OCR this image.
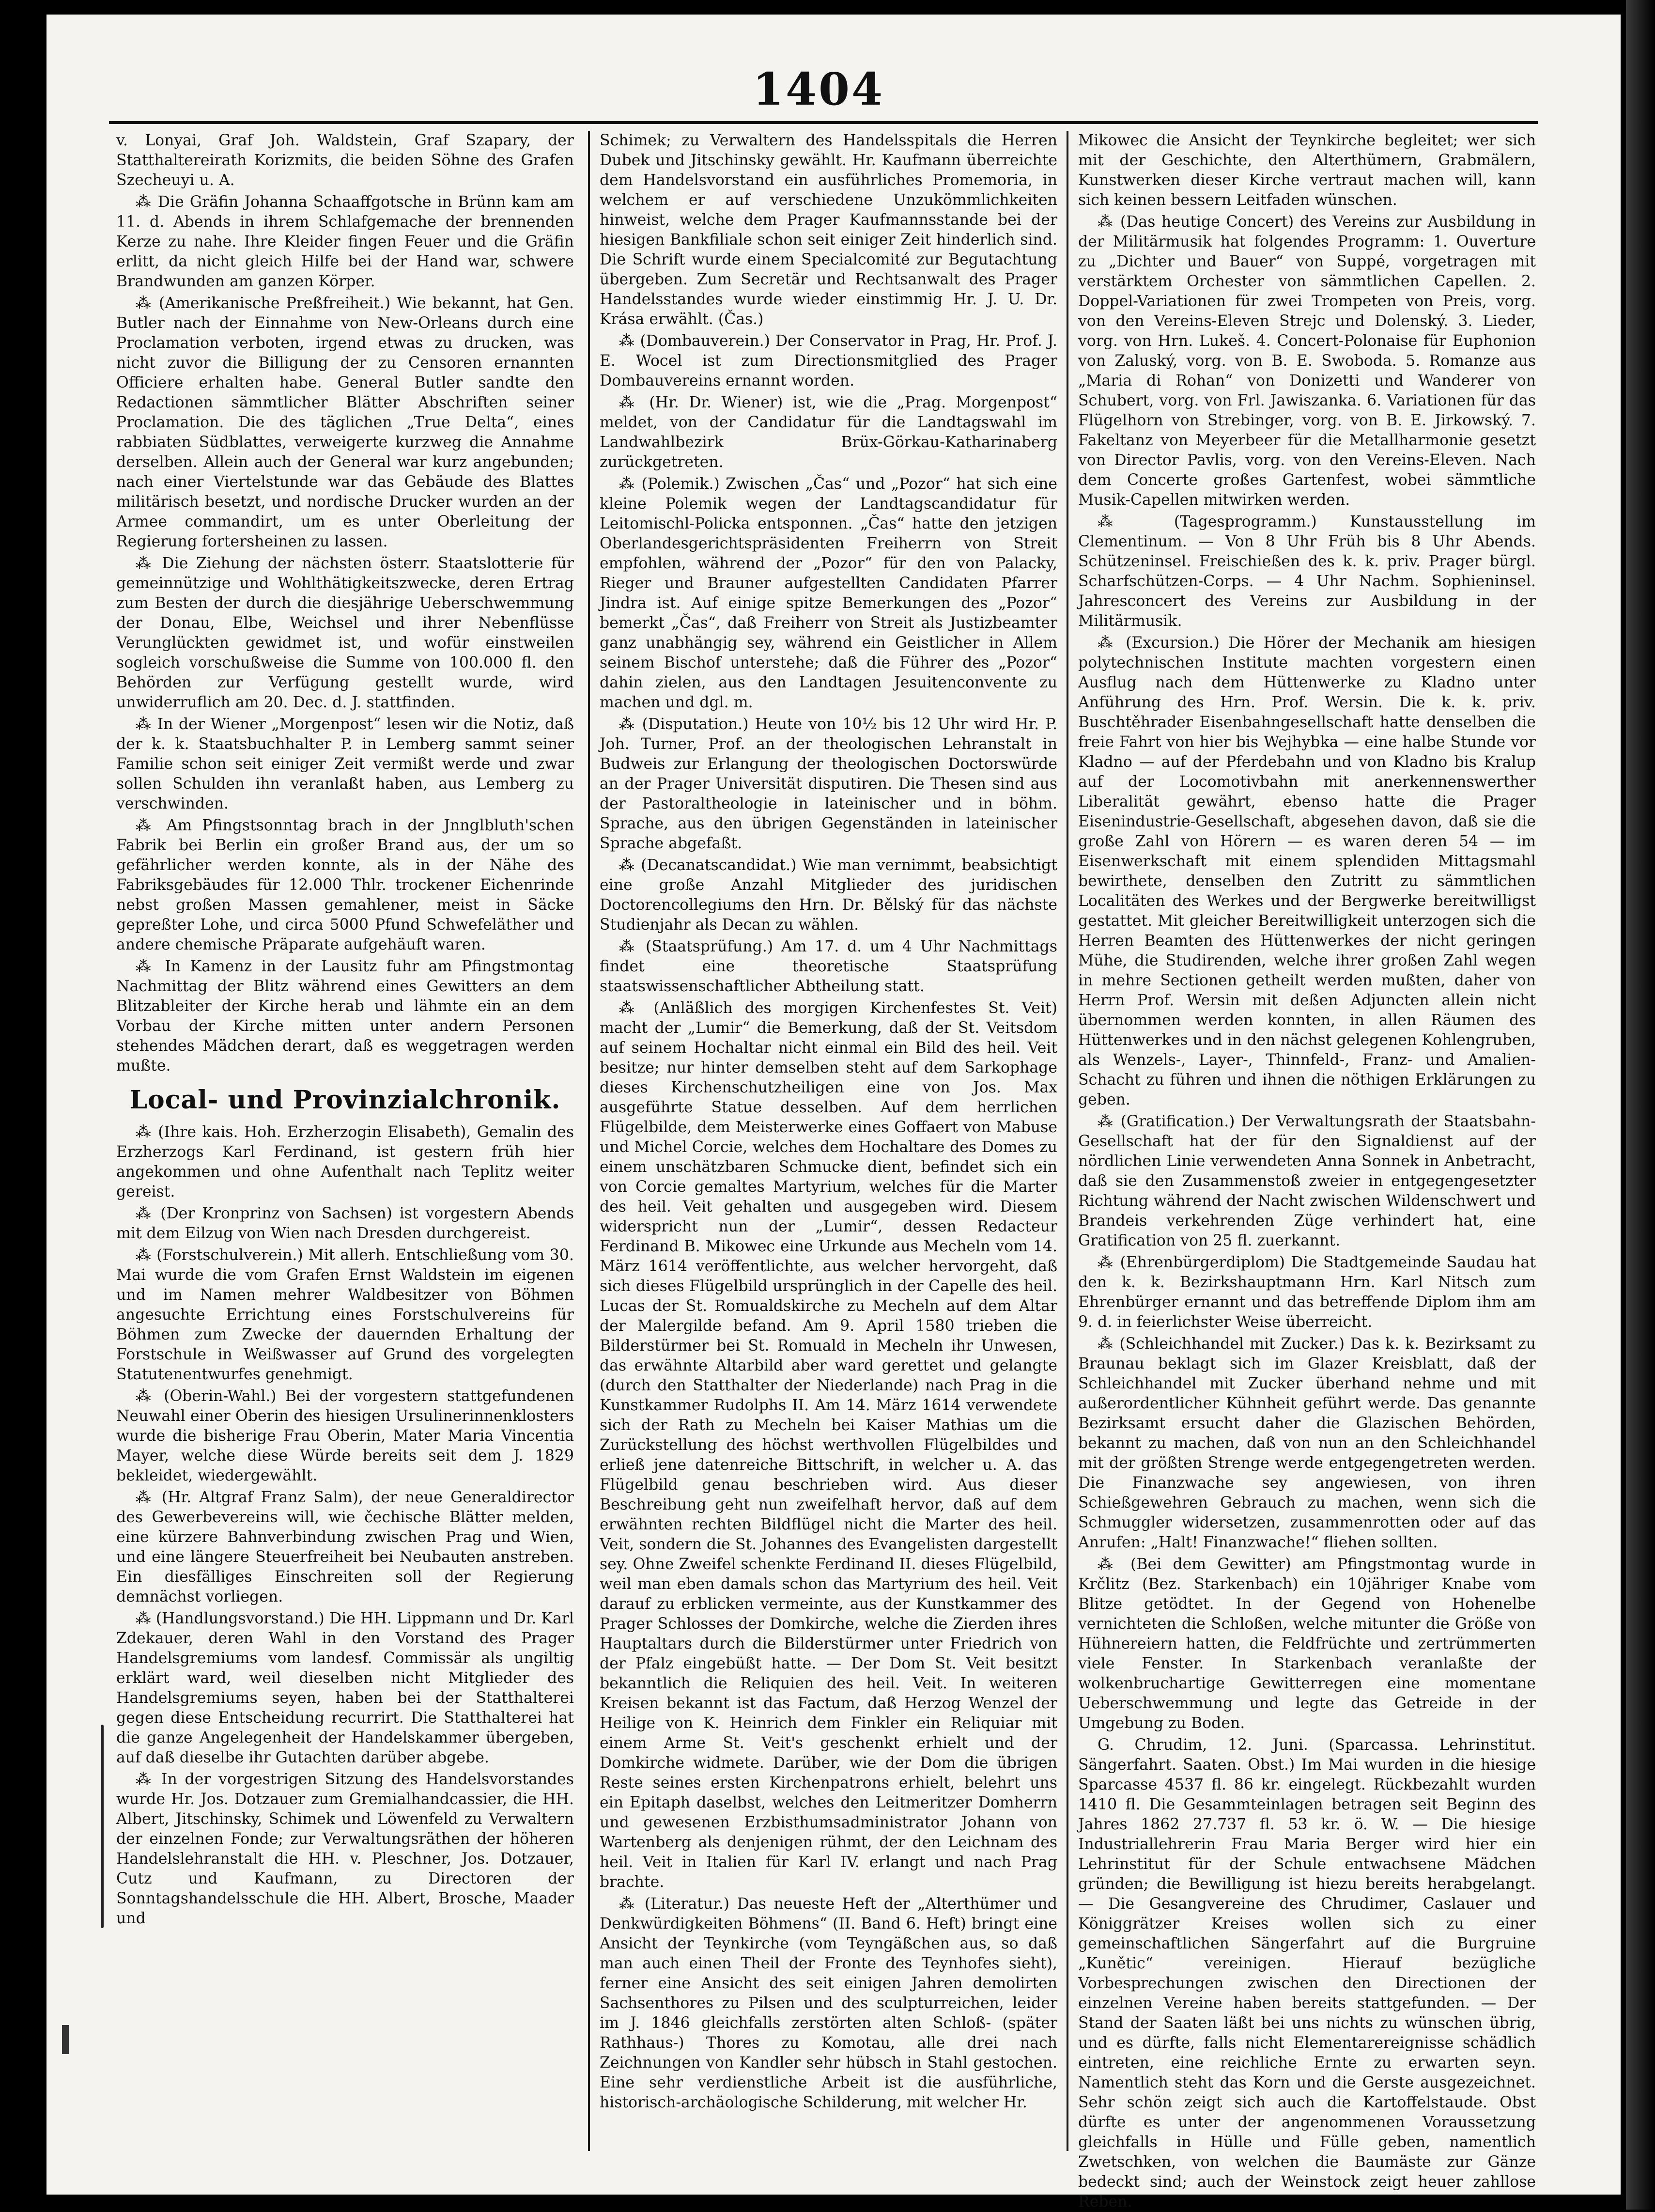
1404

v. Lonyai, Graf Joh. Waldstein, Graf Szapary, der Statthaltereirath Korizmits, die beiden Söhne des Grafen Szecheuyi u. A.

⁂ Die Gräfin Johanna Schaaffgotsche in Brünn kam am 11. d. Abends in ihrem Schlafgemache der brennenden Kerze zu nahe. Ihre Kleider fingen Feuer und die Gräfin erlitt, da nicht gleich Hilfe bei der Hand war, schwere Brandwunden am ganzen Körper.

⁂ (Amerikanische Preßfreiheit.) Wie bekannt, hat Gen. Butler nach der Einnahme von New-Orleans durch eine Proclamation verboten, irgend etwas zu drucken, was nicht zuvor die Billigung der zu Censoren ernannten Officiere erhalten habe. General Butler sandte den Redactionen sämmtlicher Blätter Abschriften seiner Proclamation. Die des täglichen „True Delta“, eines rabbiaten Südblattes, verweigerte kurzweg die Annahme derselben. Allein auch der General war kurz angebunden; nach einer Viertelstunde war das Gebäude des Blattes militärisch besetzt, und nordische Drucker wurden an der Armee commandirt, um es unter Oberleitung der Regierung fortersheinen zu lassen.

⁂ Die Ziehung der nächsten österr. Staatslotterie für gemeinnützige und Wohlthätigkeitszwecke, deren Ertrag zum Besten der durch die diesjährige Ueberschwemmung der Donau, Elbe, Weichsel und ihrer Nebenflüsse Verunglückten gewidmet ist, und wofür einstweilen sogleich vorschußweise die Summe von 100.000 fl. den Behörden zur Verfügung gestellt wurde, wird unwiderruflich am 20. Dec. d. J. stattfinden.

⁂ In der Wiener „Morgenpost“ lesen wir die Notiz, daß der k. k. Staatsbuchhalter P. in Lemberg sammt seiner Familie schon seit einiger Zeit vermißt werde und zwar sollen Schulden ihn veranlaßt haben, aus Lemberg zu verschwinden.

⁂ Am Pfingstsonntag brach in der Jnnglbluth'schen Fabrik bei Berlin ein großer Brand aus, der um so gefährlicher werden konnte, als in der Nähe des Fabriksgebäudes für 12.000 Thlr. trockener Eichenrinde nebst großen Massen gemahlener, meist in Säcke gepreßter Lohe, und circa 5000 Pfund Schwefeläther und andere chemische Präparate aufgehäuft waren.

⁂ In Kamenz in der Lausitz fuhr am Pfingstmontag Nachmittag der Blitz während eines Gewitters an dem Blitzableiter der Kirche herab und lähmte ein an dem Vorbau der Kirche mitten unter andern Personen stehendes Mädchen derart, daß es weggetragen werden mußte.

Local- und Provinzialchronik.

⁂ (Ihre kais. Hoh. Erzherzogin Elisabeth), Gemalin des Erzherzogs Karl Ferdinand, ist gestern früh hier angekommen und ohne Aufenthalt nach Teplitz weiter gereist.

⁂ (Der Kronprinz von Sachsen) ist vorgestern Abends mit dem Eilzug von Wien nach Dresden durchgereist.

⁂ (Forstschulverein.) Mit allerh. Entschließung vom 30. Mai wurde die vom Grafen Ernst Waldstein im eigenen und im Namen mehrer Waldbesitzer von Böhmen angesuchte Errichtung eines Forstschulvereins für Böhmen zum Zwecke der dauernden Erhaltung der Forstschule in Weißwasser auf Grund des vorgelegten Statutenentwurfes genehmigt.

⁂ (Oberin-Wahl.) Bei der vorgestern stattgefundenen Neuwahl einer Oberin des hiesigen Ursulinerinnenklosters wurde die bisherige Frau Oberin, Mater Maria Vincentia Mayer, welche diese Würde bereits seit dem J. 1829 bekleidet, wiedergewählt.

⁂ (Hr. Altgraf Franz Salm), der neue Generaldirector des Gewerbevereins will, wie čechische Blätter melden, eine kürzere Bahnverbindung zwischen Prag und Wien, und eine längere Steuerfreiheit bei Neubauten anstreben. Ein diesfälliges Einschreiten soll der Regierung demnächst vorliegen.

⁂ (Handlungsvorstand.) Die HH. Lippmann und Dr. Karl Zdekauer, deren Wahl in den Vorstand des Prager Handelsgremiums vom landesf. Commissär als ungiltig erklärt ward, weil dieselben nicht Mitglieder des Handelsgremiums seyen, haben bei der Statthalterei gegen diese Entscheidung recurrirt. Die Statthalterei hat die ganze Angelegenheit der Handelskammer übergeben, auf daß dieselbe ihr Gutachten darüber abgebe.

⁂ In der vorgestrigen Sitzung des Handelsvorstandes wurde Hr. Jos. Dotzauer zum Gremialhandcassier, die HH. Albert, Jitschinsky, Schimek und Löwenfeld zu Verwaltern der einzelnen Fonde; zur Verwaltungsräthen der höheren Handelslehranstalt die HH. v. Pleschner, Jos. Dotzauer, Cutz und Kaufmann, zu Directoren der Sonntagshandelsschule die HH. Albert, Brosche, Maader und

Schimek; zu Verwaltern des Handelsspitals die Herren Dubek und Jitschinsky gewählt. Hr. Kaufmann überreichte dem Handelsvorstand ein ausführliches Promemoria, in welchem er auf verschiedene Unzukömmlichkeiten hinweist, welche dem Prager Kaufmannsstande bei der hiesigen Bankfiliale schon seit einiger Zeit hinderlich sind. Die Schrift wurde einem Specialcomité zur Begutachtung übergeben. Zum Secretär und Rechtsanwalt des Prager Handelsstandes wurde wieder einstimmig Hr. J. U. Dr. Krása erwählt. (Čas.)

⁂ (Dombauverein.) Der Conservator in Prag, Hr. Prof. J. E. Wocel ist zum Directionsmitglied des Prager Dombauvereins ernannt worden.

⁂ (Hr. Dr. Wiener) ist, wie die „Prag. Morgenpost“ meldet, von der Candidatur für die Landtagswahl im Landwahlbezirk Brüx-Görkau-Katharinaberg zurückgetreten.

⁂ (Polemik.) Zwischen „Čas“ und „Pozor“ hat sich eine kleine Polemik wegen der Landtagscandidatur für Leitomischl-Policka entsponnen. „Čas“ hatte den jetzigen Oberlandesgerichtspräsidenten Freiherrn von Streit empfohlen, während der „Pozor“ für den von Palacky, Rieger und Brauner aufgestellten Candidaten Pfarrer Jindra ist. Auf einige spitze Bemerkungen des „Pozor“ bemerkt „Čas“, daß Freiherr von Streit als Justizbeamter ganz unabhängig sey, während ein Geistlicher in Allem seinem Bischof unterstehe; daß die Führer des „Pozor“ dahin zielen, aus den Landtagen Jesuitenconvente zu machen und dgl. m.

⁂ (Disputation.) Heute von 10½ bis 12 Uhr wird Hr. P. Joh. Turner, Prof. an der theologischen Lehranstalt in Budweis zur Erlangung der theologischen Doctorswürde an der Prager Universität disputiren. Die Thesen sind aus der Pastoraltheologie in lateinischer und in böhm. Sprache, aus den übrigen Gegenständen in lateinischer Sprache abgefaßt.

⁂ (Decanatscandidat.) Wie man vernimmt, beabsichtigt eine große Anzahl Mitglieder des juridischen Doctorencollegiums den Hrn. Dr. Bělský für das nächste Studienjahr als Decan zu wählen.

⁂ (Staatsprüfung.) Am 17. d. um 4 Uhr Nachmittags findet eine theoretische Staatsprüfung staatswissenschaftlicher Abtheilung statt.

⁂ (Anläßlich des morgigen Kirchenfestes St. Veit) macht der „Lumir“ die Bemerkung, daß der St. Veitsdom auf seinem Hochaltar nicht einmal ein Bild des heil. Veit besitze; nur hinter demselben steht auf dem Sarkophage dieses Kirchenschutzheiligen eine von Jos. Max ausgeführte Statue desselben. Auf dem herrlichen Flügelbilde, dem Meisterwerke eines Goffaert von Mabuse und Michel Corcie, welches dem Hochaltare des Domes zu einem unschätzbaren Schmucke dient, befindet sich ein von Corcie gemaltes Martyrium, welches für die Marter des heil. Veit gehalten und ausgegeben wird. Diesem widerspricht nun der „Lumir“, dessen Redacteur Ferdinand B. Mikowec eine Urkunde aus Mecheln vom 14. März 1614 veröffentlichte, aus welcher hervorgeht, daß sich dieses Flügelbild ursprünglich in der Capelle des heil. Lucas der St. Romualdskirche zu Mecheln auf dem Altar der Malergilde befand. Am 9. April 1580 trieben die Bilderstürmer bei St. Romuald in Mecheln ihr Unwesen, das erwähnte Altarbild aber ward gerettet und gelangte (durch den Statthalter der Niederlande) nach Prag in die Kunstkammer Rudolphs II. Am 14. März 1614 verwendete sich der Rath zu Mecheln bei Kaiser Mathias um die Zurückstellung des höchst werthvollen Flügelbildes und erließ jene datenreiche Bittschrift, in welcher u. A. das Flügelbild genau beschrieben wird. Aus dieser Beschreibung geht nun zweifelhaft hervor, daß auf dem erwähnten rechten Bildflügel nicht die Marter des heil. Veit, sondern die St. Johannes des Evangelisten dargestellt sey. Ohne Zweifel schenkte Ferdinand II. dieses Flügelbild, weil man eben damals schon das Martyrium des heil. Veit darauf zu erblicken vermeinte, aus der Kunstkammer des Prager Schlosses der Domkirche, welche die Zierden ihres Hauptaltars durch die Bilderstürmer unter Friedrich von der Pfalz eingebüßt hatte. — Der Dom St. Veit besitzt bekanntlich die Reliquien des heil. Veit. In weiteren Kreisen bekannt ist das Factum, daß Herzog Wenzel der Heilige von K. Heinrich dem Finkler ein Reliquiar mit einem Arme St. Veit's geschenkt erhielt und der Domkirche widmete. Darüber, wie der Dom die übrigen Reste seines ersten Kirchenpatrons erhielt, belehrt uns ein Epitaph daselbst, welches den Leitmeritzer Domherrn und gewesenen Erzbisthumsadministrator Johann von Wartenberg als denjenigen rühmt, der den Leichnam des heil. Veit in Italien für Karl IV. erlangt und nach Prag brachte.

⁂ (Literatur.) Das neueste Heft der „Alterthümer und Denkwürdigkeiten Böhmens“ (II. Band 6. Heft) bringt eine Ansicht der Teynkirche (vom Teyngäßchen aus, so daß man auch einen Theil der Fronte des Teynhofes sieht), ferner eine Ansicht des seit einigen Jahren demolirten Sachsenthores zu Pilsen und des sculpturreichen, leider im J. 1846 gleichfalls zerstörten alten Schloß- (später Rathhaus-) Thores zu Komotau, alle drei nach Zeichnungen von Kandler sehr hübsch in Stahl gestochen. Eine sehr verdienstliche Arbeit ist die ausführliche, historisch-archäologische Schilderung, mit welcher Hr.

Mikowec die Ansicht der Teynkirche begleitet; wer sich mit der Geschichte, den Alterthümern, Grabmälern, Kunstwerken dieser Kirche vertraut machen will, kann sich keinen bessern Leitfaden wünschen.

⁂ (Das heutige Concert) des Vereins zur Ausbildung in der Militärmusik hat folgendes Programm: 1. Ouverture zu „Dichter und Bauer“ von Suppé, vorgetragen mit verstärktem Orchester von sämmtlichen Capellen. 2. Doppel-Variationen für zwei Trompeten von Preis, vorg. von den Vereins-Eleven Strejc und Dolenský. 3. Lieder, vorg. von Hrn. Lukeš. 4. Concert-Polonaise für Euphonion von Zaluský, vorg. von B. E. Swoboda. 5. Romanze aus „Maria di Rohan“ von Donizetti und Wanderer von Schubert, vorg. von Frl. Jawiszanka. 6. Variationen für das Flügelhorn von Strebinger, vorg. von B. E. Jirkowský. 7. Fakeltanz von Meyerbeer für die Metallharmonie gesetzt von Director Pavlis, vorg. von den Vereins-Eleven. Nach dem Concerte großes Gartenfest, wobei sämmtliche Musik-Capellen mitwirken werden.

⁂ (Tagesprogramm.) Kunstausstellung im Clementinum. — Von 8 Uhr Früh bis 8 Uhr Abends. Schützeninsel. Freischießen des k. k. priv. Prager bürgl. Scharfschützen-Corps. — 4 Uhr Nachm. Sophieninsel. Jahresconcert des Vereins zur Ausbildung in der Militärmusik.

⁂ (Excursion.) Die Hörer der Mechanik am hiesigen polytechnischen Institute machten vorgestern einen Ausflug nach dem Hüttenwerke zu Kladno unter Anführung des Hrn. Prof. Wersin. Die k. k. priv. Buschtěhrader Eisenbahngesellschaft hatte denselben die freie Fahrt von hier bis Wejhybka — eine halbe Stunde vor Kladno — auf der Pferdebahn und von Kladno bis Kralup auf der Locomotivbahn mit anerkennenswerther Liberalität gewährt, ebenso hatte die Prager Eisenindustrie-Gesellschaft, abgesehen davon, daß sie die große Zahl von Hörern — es waren deren 54 — im Eisenwerkschaft mit einem splendiden Mittagsmahl bewirthete, denselben den Zutritt zu sämmtlichen Localitäten des Werkes und der Bergwerke bereitwilligst gestattet. Mit gleicher Bereitwilligkeit unterzogen sich die Herren Beamten des Hüttenwerkes der nicht geringen Mühe, die Studirenden, welche ihrer großen Zahl wegen in mehre Sectionen getheilt werden mußten, daher von Herrn Prof. Wersin mit deßen Adjuncten allein nicht übernommen werden konnten, in allen Räumen des Hüttenwerkes und in den nächst gelegenen Kohlengruben, als Wenzels-, Layer-, Thinnfeld-, Franz- und Amalien-Schacht zu führen und ihnen die nöthigen Erklärungen zu geben.

⁂ (Gratification.) Der Verwaltungsrath der Staatsbahn-Gesellschaft hat der für den Signaldienst auf der nördlichen Linie verwendeten Anna Sonnek in Anbetracht, daß sie den Zusammenstoß zweier in entgegengesetzter Richtung während der Nacht zwischen Wildenschwert und Brandeis verkehrenden Züge verhindert hat, eine Gratification von 25 fl. zuerkannt.

⁂ (Ehrenbürgerdiplom) Die Stadtgemeinde Saudau hat den k. k. Bezirkshauptmann Hrn. Karl Nitsch zum Ehrenbürger ernannt und das betreffende Diplom ihm am 9. d. in feierlichster Weise überreicht.

⁂ (Schleichhandel mit Zucker.) Das k. k. Bezirksamt zu Braunau beklagt sich im Glazer Kreisblatt, daß der Schleichhandel mit Zucker überhand nehme und mit außerordentlicher Kühnheit geführt werde. Das genannte Bezirksamt ersucht daher die Glazischen Behörden, bekannt zu machen, daß von nun an den Schleichhandel mit der größten Strenge werde entgegengetreten werden. Die Finanzwache sey angewiesen, von ihren Schießgewehren Gebrauch zu machen, wenn sich die Schmuggler widersetzen, zusammenrotten oder auf das Anrufen: „Halt! Finanzwache!“ fliehen sollten.

⁂ (Bei dem Gewitter) am Pfingstmontag wurde in Krčlitz (Bez. Starkenbach) ein 10jähriger Knabe vom Blitze getödtet. In der Gegend von Hohenelbe vernichteten die Schloßen, welche mitunter die Größe von Hühnereiern hatten, die Feldfrüchte und zertrümmerten viele Fenster. In Starkenbach veranlaßte der wolkenbruchartige Gewitterregen eine momentane Ueberschwemmung und legte das Getreide in der Umgebung zu Boden.

G. Chrudim, 12. Juni. (Sparcassa. Lehrinstitut. Sängerfahrt. Saaten. Obst.) Im Mai wurden in die hiesige Sparcasse 4537 fl. 86 kr. eingelegt. Rückbezahlt wurden 1410 fl. Die Gesammteinlagen betragen seit Beginn des Jahres 1862 27.737 fl. 53 kr. ö. W. — Die hiesige Industriallehrerin Frau Maria Berger wird hier ein Lehrinstitut für der Schule entwachsene Mädchen gründen; die Bewilligung ist hiezu bereits herabgelangt. — Die Gesangvereine des Chrudimer, Caslauer und Königgrätzer Kreises wollen sich zu einer gemeinschaftlichen Sängerfahrt auf die Burgruine „Kunětic“ vereinigen. Hierauf bezügliche Vorbesprechungen zwischen den Directionen der einzelnen Vereine haben bereits stattgefunden. — Der Stand der Saaten läßt bei uns nichts zu wünschen übrig, und es dürfte, falls nicht Elementarereignisse schädlich eintreten, eine reichliche Ernte zu erwarten seyn. Namentlich steht das Korn und die Gerste ausgezeichnet. Sehr schön zeigt sich auch die Kartoffelstaude. Obst dürfte es unter der angenommenen Voraussetzung gleichfalls in Hülle und Fülle geben, namentlich Zwetschken, von welchen die Baumäste zur Gänze bedeckt sind; auch der Weinstock zeigt heuer zahllose Reben.
